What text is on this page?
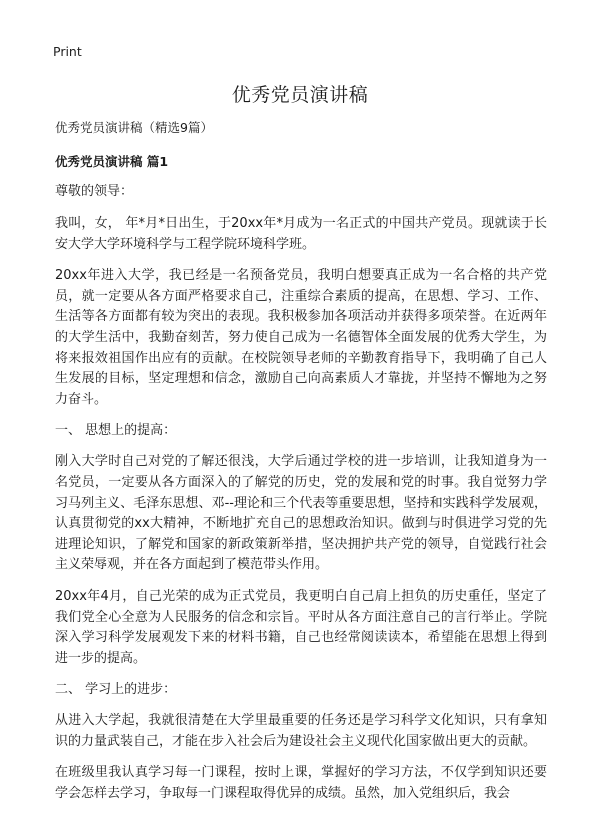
Print
优秀党员演讲稿

优秀党员演讲稿（精选9篇）

优秀党员演讲稿 篇1

尊敬的领导：

我叫，女， 年*月*日出生，于20xx年*月成为一名正式的中国共产党员。现就读于长安大学大学环境科学与工程学院环境科学班。

20xx年进入大学，我已经是一名预备党员，我明白想要真正成为一名合格的共产党员，就一定要从各方面严格要求自己，注重综合素质的提高，在思想、学习、工作、生活等各方面都有较为突出的表现。我积极参加各项活动并获得多项荣誉。在近两年的大学生活中，我勤奋刻苦，努力使自己成为一名德智体全面发展的优秀大学生，为将来报效祖国作出应有的贡献。在校院领导老师的辛勤教育指导下，我明确了自己人生发展的目标，坚定理想和信念，激励自己向高素质人才靠拢，并坚持不懈地为之努力奋斗。

一、 思想上的提高：

刚入大学时自己对党的了解还很浅，大学后通过学校的进一步培训，让我知道身为一名党员，一定要从各方面深入的了解党的历史，党的发展和党的时事。我自觉努力学习马列主义、毛泽东思想、邓--理论和三个代表等重要思想，坚持和实践科学发展观，认真贯彻党的xx大精神，不断地扩充自己的思想政治知识。做到与时俱进学习党的先进理论知识，了解党和国家的新政策新举措，坚决拥护共产党的领导，自觉践行社会主义荣辱观，并在各方面起到了模范带头作用。

20xx年4月，自己光荣的成为正式党员，我更明白自己肩上担负的历史重任，坚定了我们党全心全意为人民服务的信念和宗旨。平时从各方面注意自己的言行举止。学院深入学习科学发展观发下来的材料书籍，自己也经常阅读读本，希望能在思想上得到进一步的提高。

二、 学习上的进步：

从进入大学起，我就很清楚在大学里最重要的任务还是学习科学文化知识，只有拿知识的力量武装自己，才能在步入社会后为建设社会主义现代化国家做出更大的贡献。

在班级里我认真学习每一门课程，按时上课，掌握好的学习方法，不仅学到知识还要学会怎样去学习，争取每一门课程取得优异的成绩。虽然，加入党组织后，我会
